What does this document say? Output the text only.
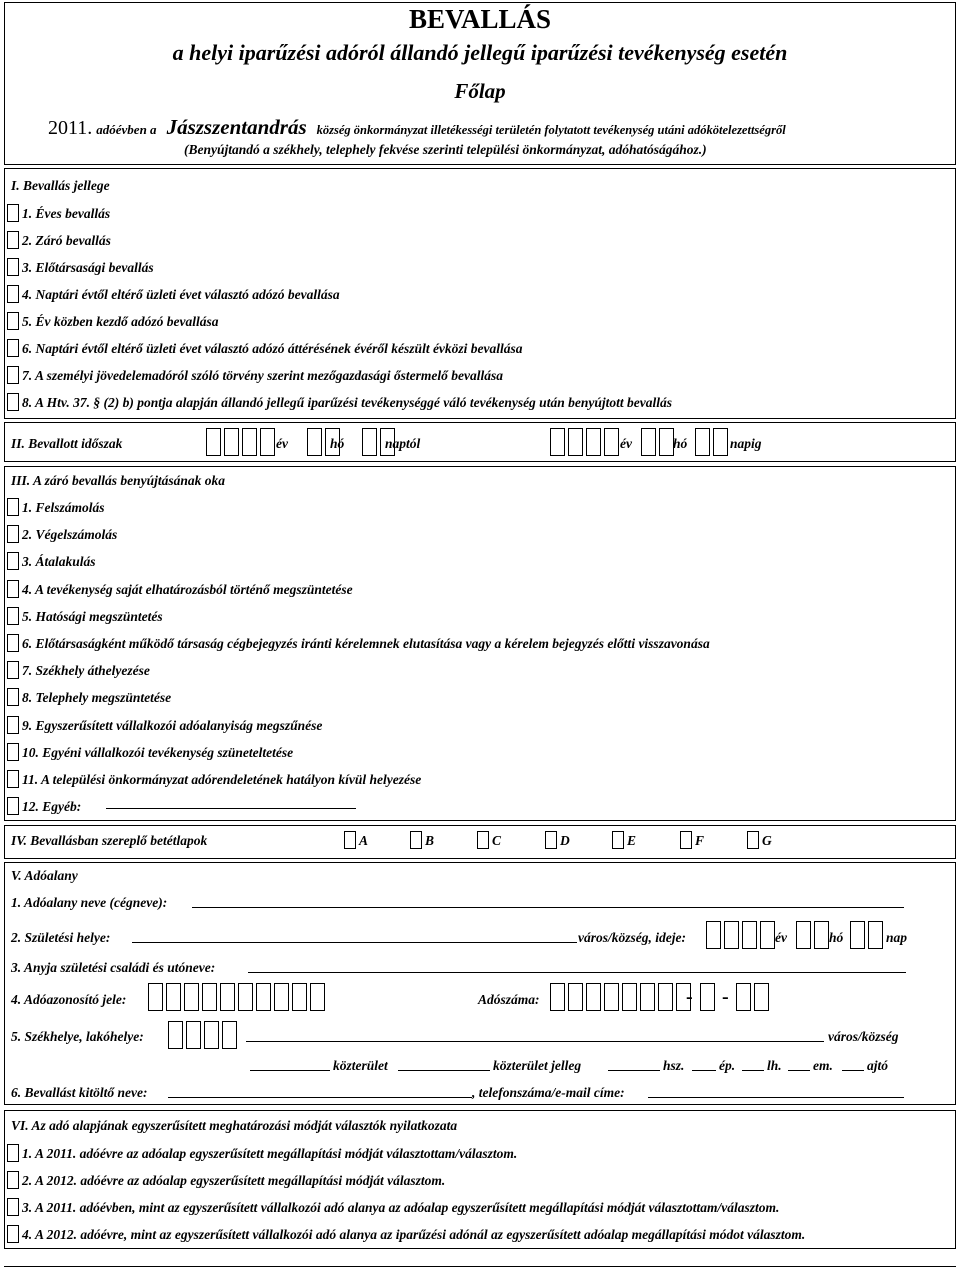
BEVALLÁS
a helyi iparűzési adóról állandó jellegű iparűzési tevékenység esetén
Főlap
2011. adóévben a Jászszentandrás község önkormányzat illetékességi területén folytatott tevékenység utáni adókötelezettségről
(Benyújtandó a székhely, telephely fekvése szerinti települési önkormányzat, adóhatóságához.)
I. Bevallás jellege
1. Éves bevallás
2. Záró bevallás
3. Előtársasági bevallás
4. Naptári évtől eltérő üzleti évet választó adózó bevallása
5. Év közben kezdő adózó bevallása
6. Naptári évtől eltérő üzleti évet választó adózó áttérésének évéről készült évközi bevallása
7. A személyi jövedelemadóról szóló törvény szerint mezőgazdasági őstermelő bevallása
8. A Htv. 37. § (2) b) pontja alapján állandó jellegű iparűzési tevékenységgé váló tevékenység után benyújtott bevallás
II. Bevallott időszak	év	hó	naptól	év	hó	napig
III. A záró bevallás benyújtásának oka
1. Felszámolás
2. Végelszámolás
3. Átalakulás
4. A tevékenység saját elhatározásból történő megszüntetése
5. Hatósági megszüntetés
6. Előtársaságként működő társaság cégbejegyzés iránti kérelemnek elutasítása vagy a kérelem bejegyzés előtti visszavonása
7. Székhely áthelyezése
8. Telephely megszüntetése
9. Egyszerűsített vállalkozói adóalanyiság megszűnése
10. Egyéni vállalkozói tevékenység szüneteltetése
11. A települési önkormányzat adórendeletének hatályon kívül helyezése
12. Egyéb:
IV. Bevallásban szereplő betétlapok	A	B	C	D	E	F	G
V. Adóalany
1. Adóalany neve (cégneve):
2. Születési helye:	város/község, ideje:	év	hó	nap
3. Anyja születési családi és utóneve:
4. Adóazonosító jele:	Adószáma:	- -
5. Székhelye, lakóhelye:	város/község
közterület	közterület jelleg	hsz.	ép. lh. em.	ajtó
6. Bevallást kitöltő neve:	, telefonszáma/e-mail címe:
VI. Az adó alapjának egyszerűsített meghatározási módját választók nyilatkozata
1. A 2011. adóévre az adóalap egyszerűsített megállapítási módját választottam/választom.
2. A 2012. adóévre az adóalap egyszerűsített megállapítási módját választom.
3. A 2011. adóévben, mint az egyszerűsített vállalkozói adó alanya az adóalap egyszerűsített megállapítási módját választottam/választom.
4. A 2012. adóévre, mint az egyszerűsített vállalkozói adó alanya az iparűzési adónál az egyszerűsített adóalap megállapítási módot választom.
